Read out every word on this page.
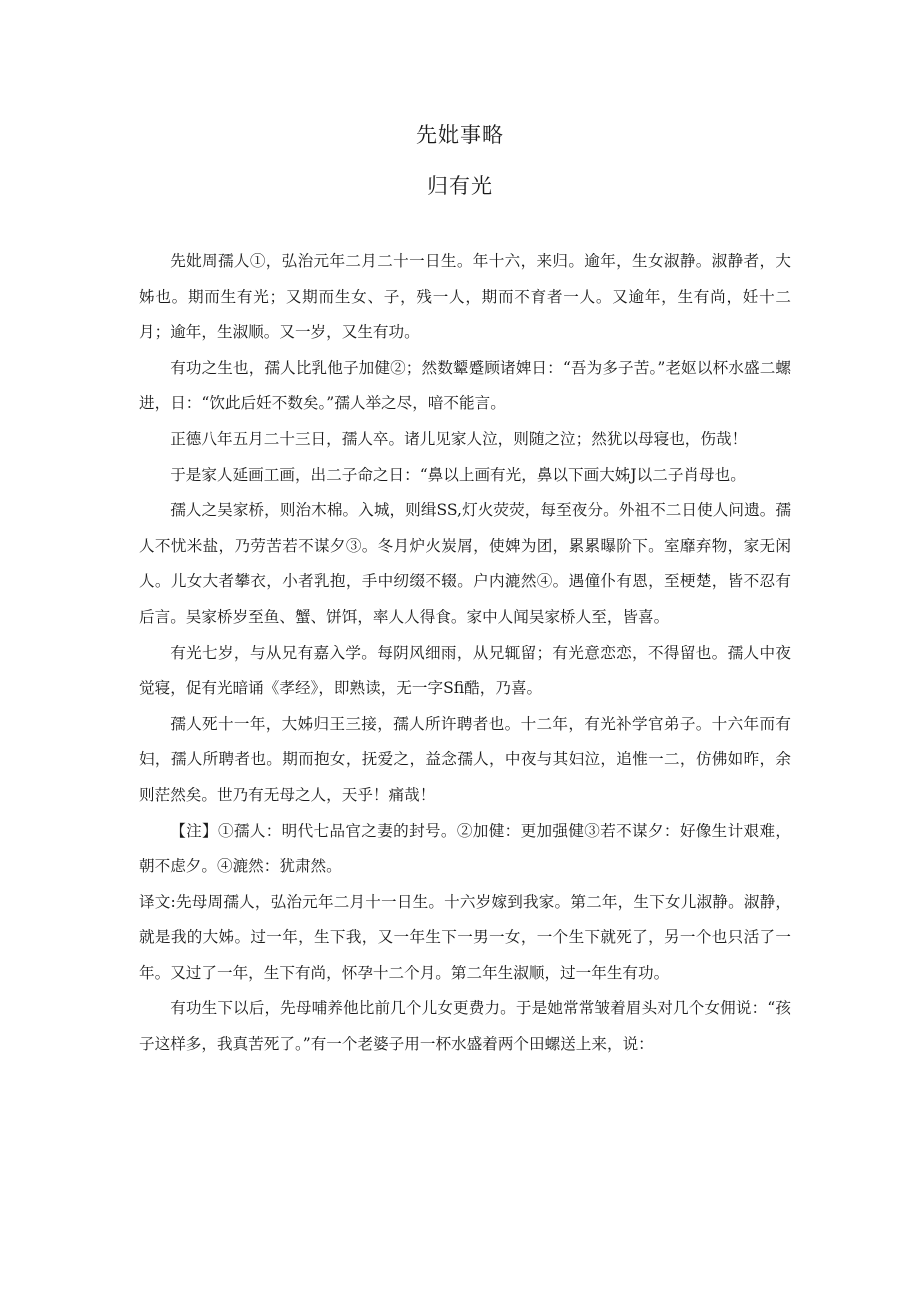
先妣事略
归有光

先妣周孺人①，弘治元年二月二十一日生。年十六，来归。逾年，生女淑静。淑静者，大姊也。期而生有光；又期而生女、子，残一人，期而不育者一人。又逾年，生有尚，妊十二月；逾年，生淑顺。又一岁，又生有功。

有功之生也，孺人比乳他子加健②；然数颦蹙顾诸婢日：“吾为多子苦。”老妪以杯水盛二螺进，日：“饮此后妊不数矣。”孺人举之尽，喑不能言。

正德八年五月二十三日，孺人卒。诸儿见家人泣，则随之泣；然犹以母寝也，伤哉！

于是家人延画工画，出二子命之日：“鼻以上画有光，鼻以下画大姊J以二子肖母也。

孺人之吴家桥，则治木棉。入城，则缉SS,灯火荧荧，每至夜分。外祖不二日使人问遗。孺人不忧米盐，乃劳苦若不谋夕③。冬月炉火炭屑，使婢为团，累累曝阶下。室靡弃物，家无闲人。儿女大者攀衣，小者乳抱，手中纫缀不辍。户内漉然④。遇僮仆有恩，至梗楚，皆不忍有后言。吴家桥岁至鱼、蟹、饼饵，率人人得食。家中人闻吴家桥人至，皆喜。

有光七岁，与从兄有嘉入学。每阴风细雨，从兄辄留；有光意恋恋，不得留也。孺人中夜觉寝，促有光暗诵《孝经》，即熟读，无一字Sfi酷，乃喜。

孺人死十一年，大姊归王三接，孺人所许聘者也。十二年，有光补学官弟子。十六年而有妇，孺人所聘者也。期而抱女，抚爱之，益念孺人，中夜与其妇泣，追惟一二，仿佛如昨，余则茫然矣。世乃有无母之人，天乎！痛哉！

【注】①孺人：明代七品官之妻的封号。②加健：更加强健③若不谋夕：好像生计艰难，朝不虑夕。④漉然：犹肃然。

译文:先母周孺人，弘治元年二月十一日生。十六岁嫁到我家。第二年，生下女儿淑静。淑静，就是我的大姊。过一年，生下我，又一年生下一男一女，一个生下就死了，另一个也只活了一年。又过了一年，生下有尚，怀孕十二个月。第二年生淑顺，过一年生有功。

有功生下以后，先母哺养他比前几个儿女更费力。于是她常常皱着眉头对几个女佣说：“孩子这样多，我真苦死了。”有一个老婆子用一杯水盛着两个田螺送上来，说：
